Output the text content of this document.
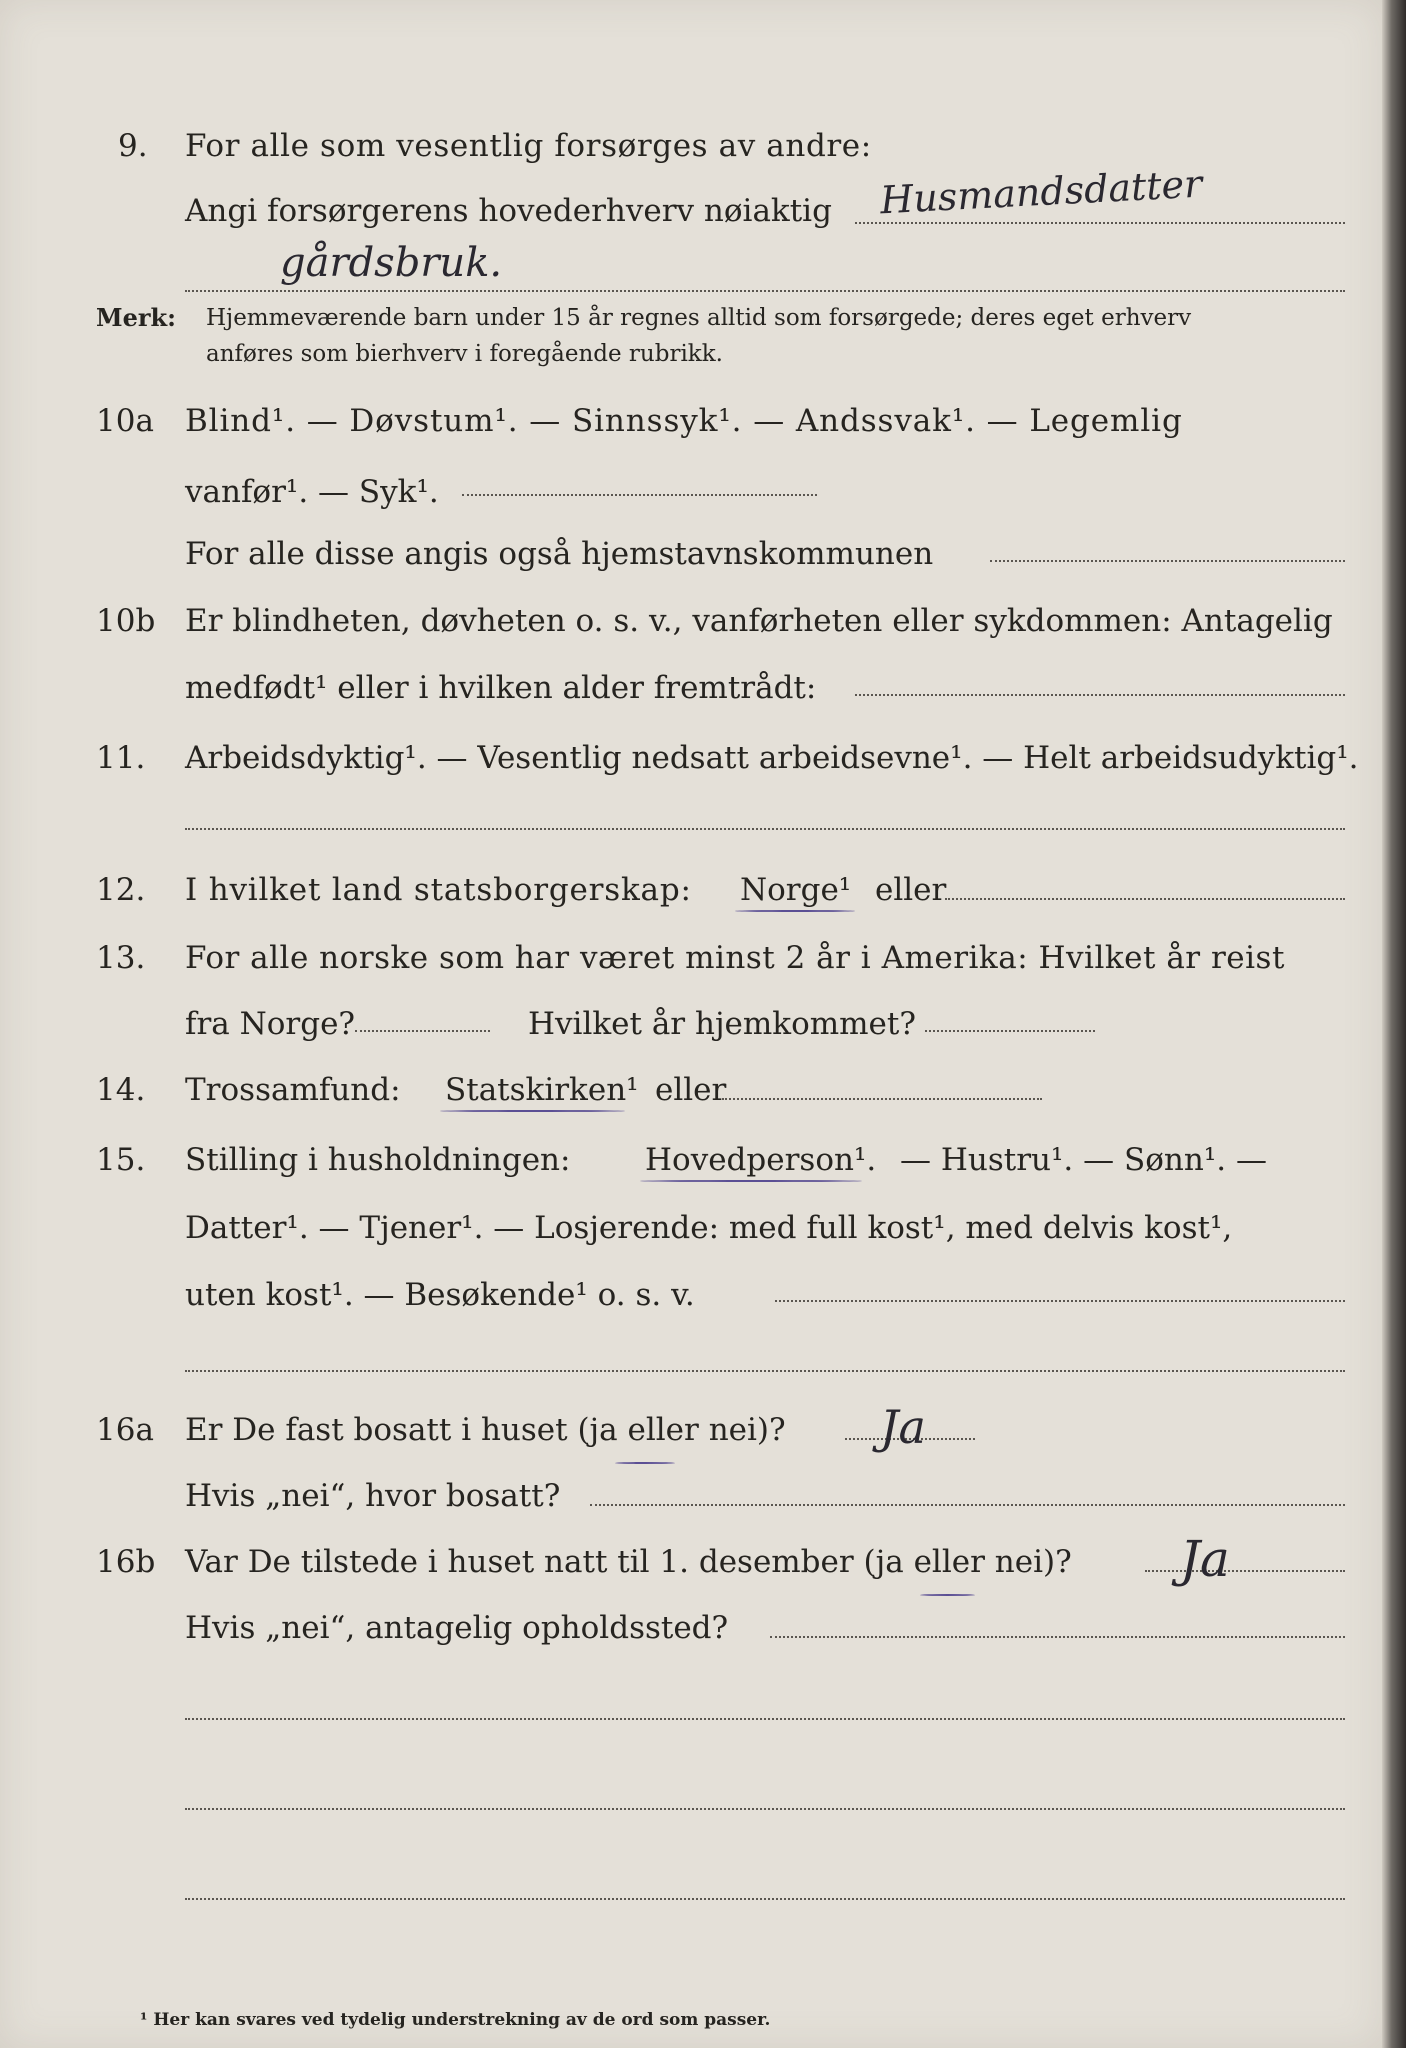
9. For alle som vesentlig forsørges av andre:
Angi forsørgerens hovederhverv nøiaktig Husmandsdatter
gårdsbruk.
Merk: Hjemmeværende barn under 15 år regnes alltid som forsørgede; deres eget erhverv
anføres som bierhverv i foregående rubrikk.
10a Blind¹. — Døvstum¹. — Sinnssyk¹. — Andssvak¹. — Legemlig
vanfør¹. — Syk¹.
For alle disse angis også hjemstavnskommunen
10b Er blindheten, døvheten o. s. v., vanførheten eller sykdommen: Antagelig
medfødt¹ eller i hvilken alder fremtrådt:
11. Arbeidsdyktig¹. — Vesentlig nedsatt arbeidsevne¹. — Helt arbeidsudyktig¹.
12. I hvilket land statsborgerskap: Norge¹ eller
13. For alle norske som har været minst 2 år i Amerika: Hvilket år reist
fra Norge?	Hvilket år hjemkommet?
14. Trossamfund: Statskirken¹ eller
15. Stilling i husholdningen: Hovedperson¹. — Hustru¹. — Sønn¹. —
Datter¹. — Tjener¹. — Losjerende: med full kost¹, med delvis kost¹,
uten kost¹. — Besøkende¹ o. s. v.
16a Er De fast bosatt i huset (ja eller nei)? Ja
Hvis „nei“, hvor bosatt?
16b Var De tilstede i huset natt til 1. desember (ja eller nei)? Ja
Hvis „nei“, antagelig opholdssted?
¹ Her kan svares ved tydelig understrekning av de ord som passer.
